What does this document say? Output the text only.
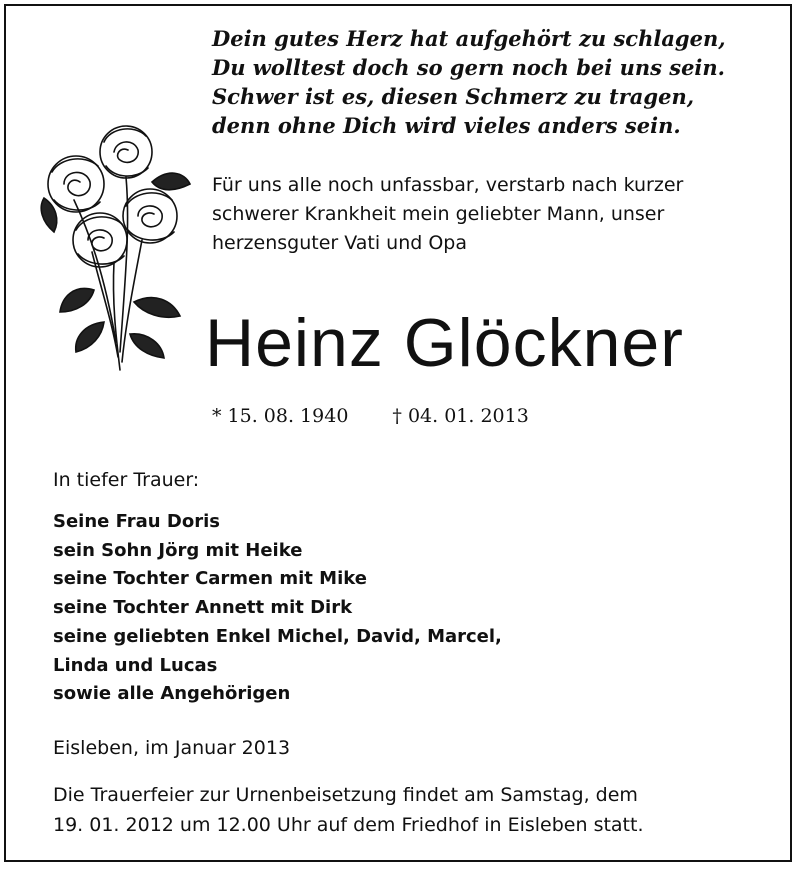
Dein gutes Herz hat aufgehört zu schlagen,
Du wolltest doch so gern noch bei uns sein.
Schwer ist es, diesen Schmerz zu tragen,
denn ohne Dich wird vieles anders sein.
Für uns alle noch unfassbar, verstarb nach kurzer
schwerer Krankheit mein geliebter Mann, unser
herzensguter Vati und Opa
Heinz Glöckner
* 15. 08. 1940 † 04. 01. 2013
In tiefer Trauer:
Seine Frau Doris
sein Sohn Jörg mit Heike
seine Tochter Carmen mit Mike
seine Tochter Annett mit Dirk
seine geliebten Enkel Michel, David, Marcel,
Linda und Lucas
sowie alle Angehörigen
Eisleben, im Januar 2013
Die Trauerfeier zur Urnenbeisetzung findet am Samstag, dem
19. 01. 2012 um 12.00 Uhr auf dem Friedhof in Eisleben statt.
